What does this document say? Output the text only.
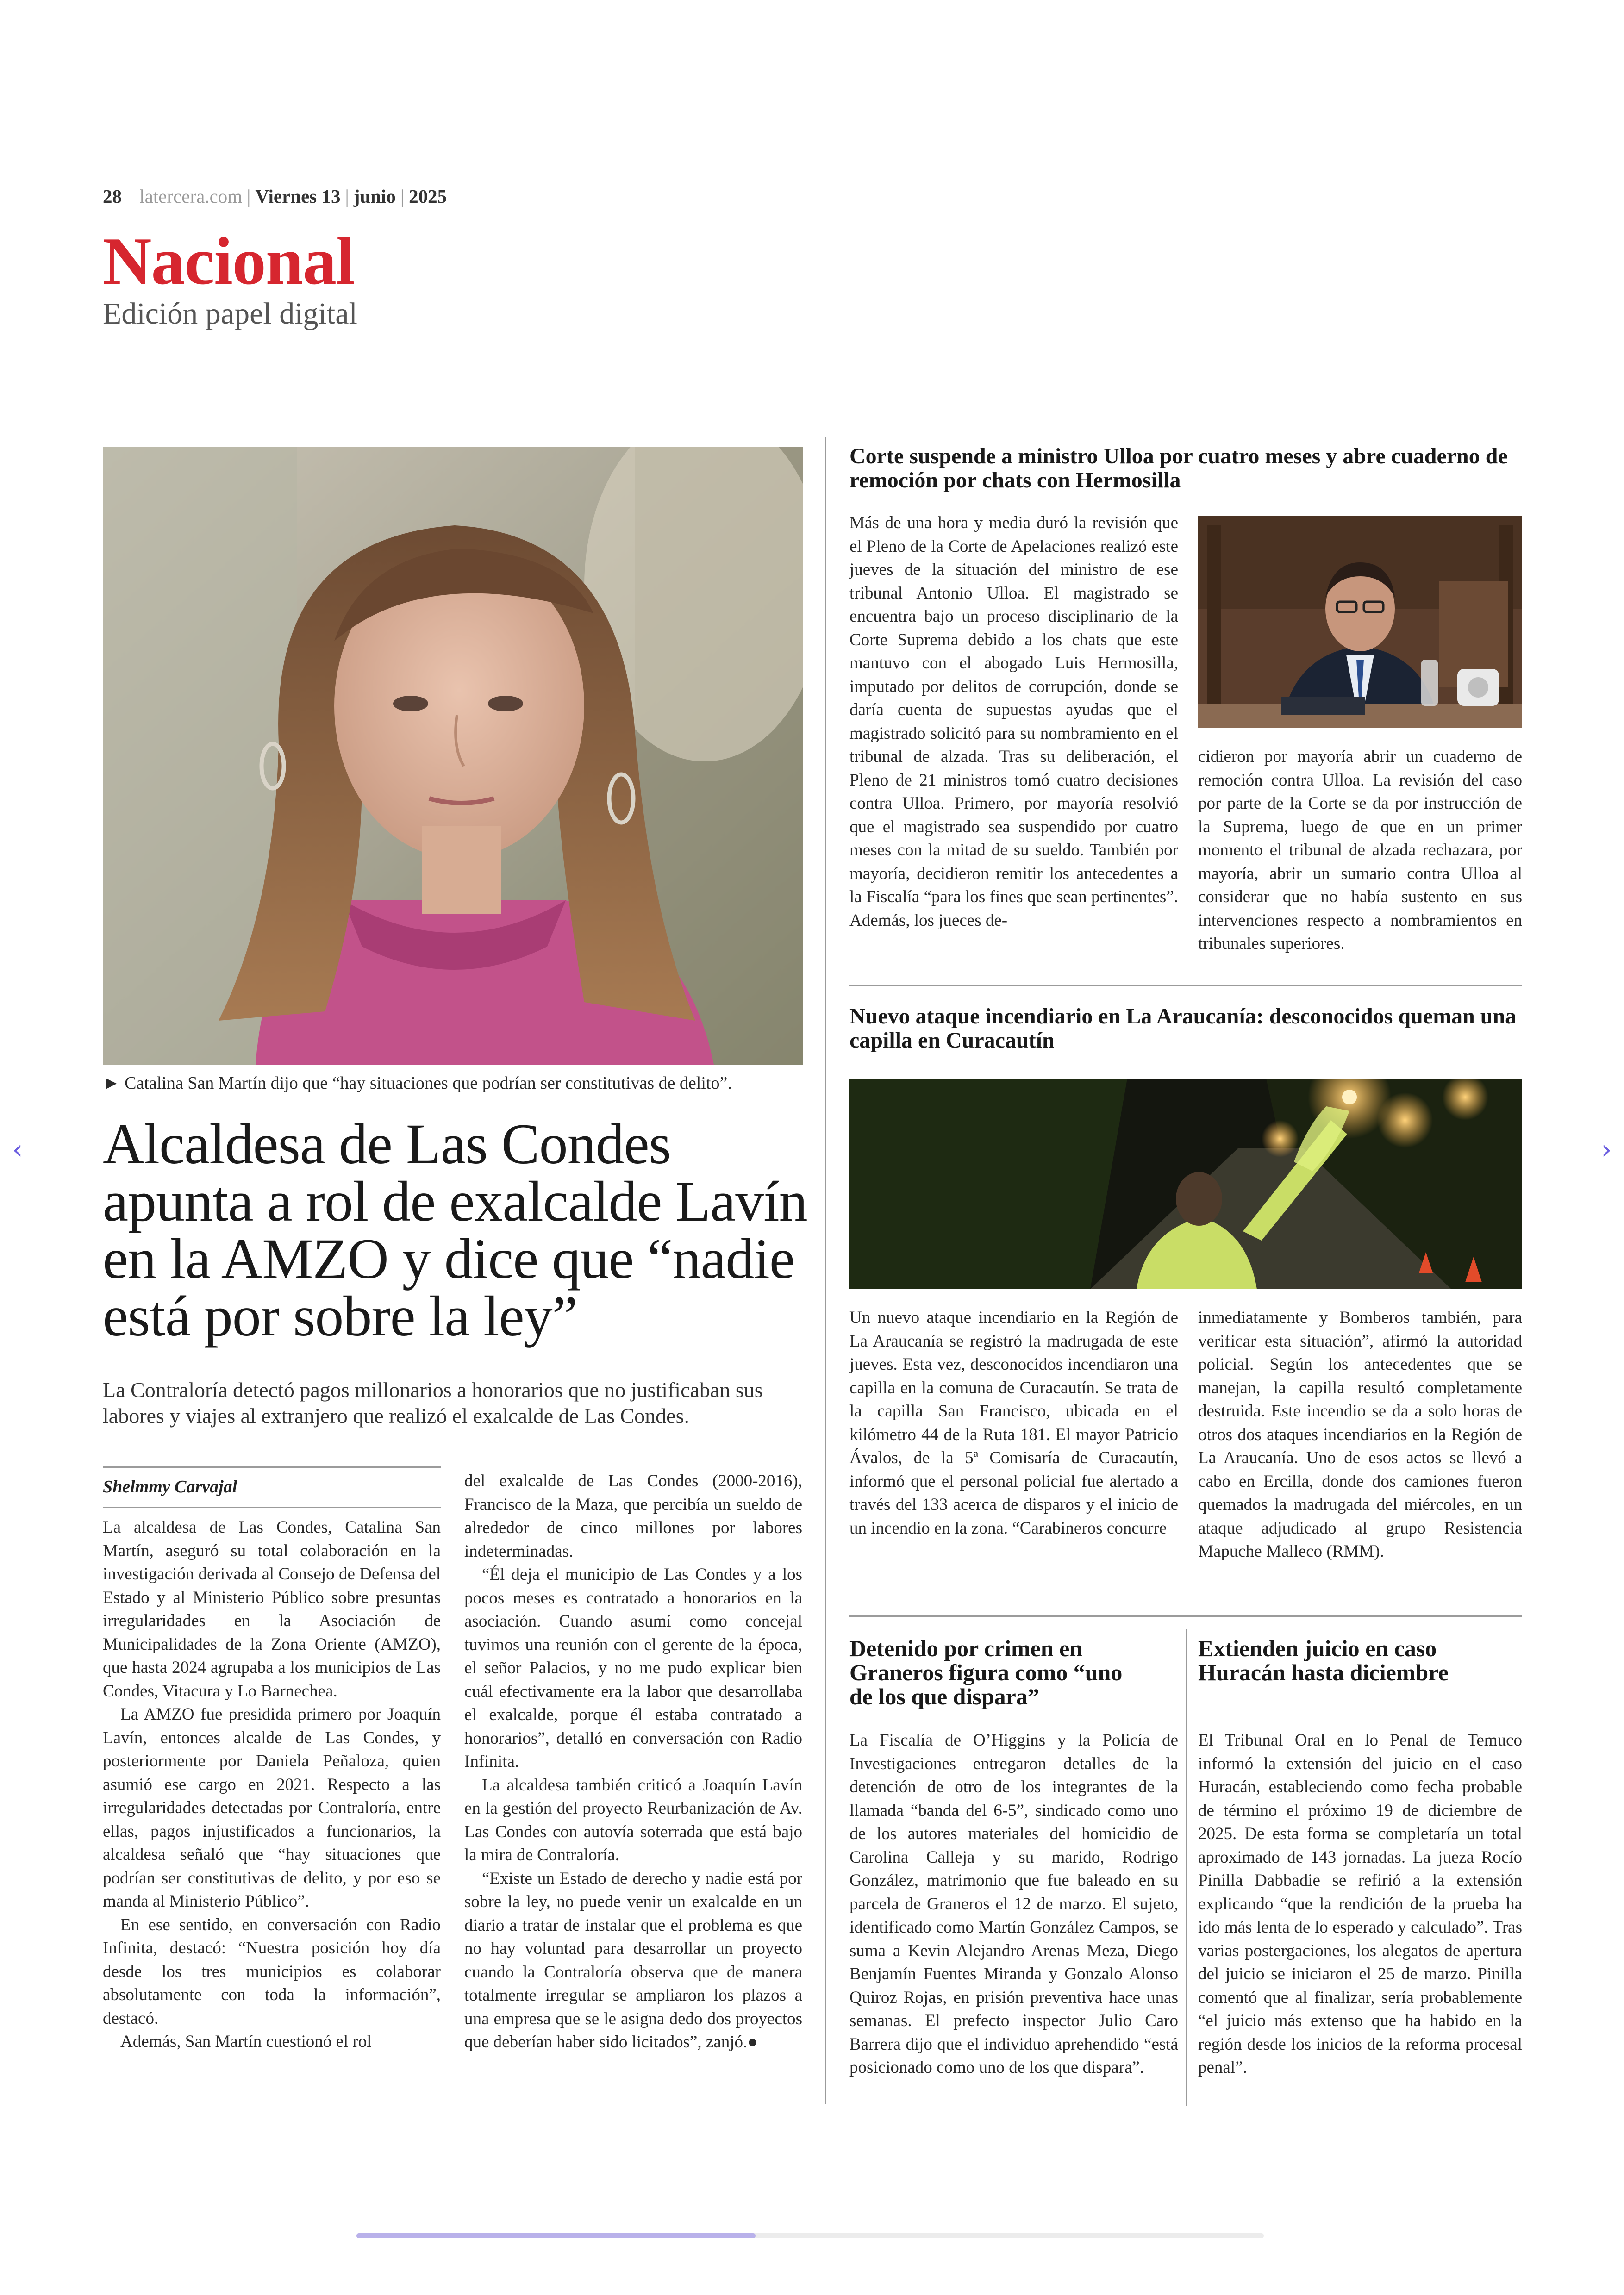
28 latercera.com | Viernes 13 | junio | 2025
Nacional
Edición papel digital
► Catalina San Martín dijo que “hay situaciones que podrían ser constitutivas de delito”.
Alcaldesa de Las Condes apunta a rol de exalcalde Lavín en la AMZO y dice que “nadie está por sobre la ley”
La Contraloría detectó pagos millonarios a honorarios que no justificaban sus labores y viajes al extranjero que realizó el exalcalde de Las Condes.
Shelmmy Carvajal

La alcaldesa de Las Condes, Catalina San Martín, aseguró su total colaboración en la investigación derivada al Consejo de Defensa del Estado y al Ministerio Público sobre presuntas irregularidades en la Asociación de Municipalidades de la Zona Oriente (AMZO), que hasta 2024 agrupaba a los municipios de Las Condes, Vitacura y Lo Barnechea.

La AMZO fue presidida primero por Joaquín Lavín, entonces alcalde de Las Condes, y posteriormente por Daniela Peñaloza, quien asumió ese cargo en 2021. Respecto a las irregularidades detectadas por Contraloría, entre ellas, pagos injustificados a funcionarios, la alcaldesa señaló que “hay situaciones que podrían ser constitutivas de delito, y por eso se manda al Ministerio Público”.

En ese sentido, en conversación con Radio Infinita, destacó: “Nuestra posición hoy día desde los tres municipios es colaborar absolutamente con toda la información”, destacó.

Además, San Martín cuestionó el rol

del exalcalde de Las Condes (2000-2016), Francisco de la Maza, que percibía un sueldo de alrededor de cinco millones por labores indeterminadas.

“Él deja el municipio de Las Condes y a los pocos meses es contratado a honorarios en la asociación. Cuando asumí como concejal tuvimos una reunión con el gerente de la época, el señor Palacios, y no me pudo explicar bien cuál efectivamente era la labor que desarrollaba el exalcalde, porque él estaba contratado a honorarios”, detalló en conversación con Radio Infinita.

La alcaldesa también criticó a Joaquín Lavín en la gestión del proyecto Reurbanización de Av. Las Condes con autovía soterrada que está bajo la mira de Contraloría.

“Existe un Estado de derecho y nadie está por sobre la ley, no puede venir un exalcalde en un diario a tratar de instalar que el problema es que no hay voluntad para desarrollar un proyecto cuando la Contraloría observa que de manera totalmente irregular se ampliaron los plazos a una empresa que se le asigna dedo dos proyectos que deberían haber sido licitados”, zanjó.●

Corte suspende a ministro Ulloa por cuatro meses y abre cuaderno de remoción por chats con Hermosilla
Más de una hora y media duró la revisión que el Pleno de la Corte de Apelaciones realizó este jueves de la situación del ministro de ese tribunal Antonio Ulloa. El magistrado se encuentra bajo un proceso disciplinario de la Corte Suprema debido a los chats que este mantuvo con el abogado Luis Hermosilla, imputado por delitos de corrupción, donde se daría cuenta de supuestas ayudas que el magistrado solicitó para su nombramiento en el tribunal de alzada. Tras su deliberación, el Pleno de 21 ministros tomó cuatro decisiones contra Ulloa. Primero, por mayoría resolvió que el magistrado sea suspendido por cuatro meses con la mitad de su sueldo. También por mayoría, decidieron remitir los antecedentes a la Fiscalía “para los fines que sean pertinentes”. Además, los jueces de-
cidieron por mayoría abrir un cuaderno de remoción contra Ulloa. La revisión del caso por parte de la Corte se da por instrucción de la Suprema, luego de que en un primer momento el tribunal de alzada rechazara, por mayoría, abrir un sumario contra Ulloa al considerar que no había sustento en sus intervenciones respecto a nombramientos en tribunales superiores.
Nuevo ataque incendiario en La Araucanía: desconocidos queman una capilla en Curacautín
Un nuevo ataque incendiario en la Región de La Araucanía se registró la madrugada de este jueves. Esta vez, desconocidos incendiaron una capilla en la comuna de Curacautín. Se trata de la capilla San Francisco, ubicada en el kilómetro 44 de la Ruta 181. El mayor Patricio Ávalos, de la 5ª Comisaría de Curacautín, informó que el personal policial fue alertado a través del 133 acerca de disparos y el inicio de un incendio en la zona. “Carabineros concurre
inmediatamente y Bomberos también, para verificar esta situación”, afirmó la autoridad policial. Según los antecedentes que se manejan, la capilla resultó completamente destruida. Este incendio se da a solo horas de otros dos ataques incendiarios en la Región de La Araucanía. Uno de esos actos se llevó a cabo en Ercilla, donde dos camiones fueron quemados la madrugada del miércoles, en un ataque adjudicado al grupo Resistencia Mapuche Malleco (RMM).
Detenido por crimen en Graneros figura como “uno de los que dispara”
La Fiscalía de O’Higgins y la Policía de Investigaciones entregaron detalles de la detención de otro de los integrantes de la llamada “banda del 6-5”, sindicado como uno de los autores materiales del homicidio de Carolina Calleja y su marido, Rodrigo González, matrimonio que fue baleado en su parcela de Graneros el 12 de marzo. El sujeto, identificado como Martín González Campos, se suma a Kevin Alejandro Arenas Meza, Diego Benjamín Fuentes Miranda y Gonzalo Alonso Quiroz Rojas, en prisión preventiva hace unas semanas. El prefecto inspector Julio Caro Barrera dijo que el individuo aprehendido “está posicionado como uno de los que dispara”.
Extienden juicio en caso Huracán hasta diciembre
El Tribunal Oral en lo Penal de Temuco informó la extensión del juicio en el caso Huracán, estableciendo como fecha probable de término el próximo 19 de diciembre de 2025. De esta forma se completaría un total aproximado de 143 jornadas. La jueza Rocío Pinilla Dabbadie se refirió a la extensión explicando “que la rendición de la prueba ha ido más lenta de lo esperado y calculado”. Tras varias postergaciones, los alegatos de apertura del juicio se iniciaron el 25 de marzo. Pinilla comentó que al finalizar, sería probablemente “el juicio más extenso que ha habido en la región desde los inicios de la reforma procesal penal”.
‹	›
